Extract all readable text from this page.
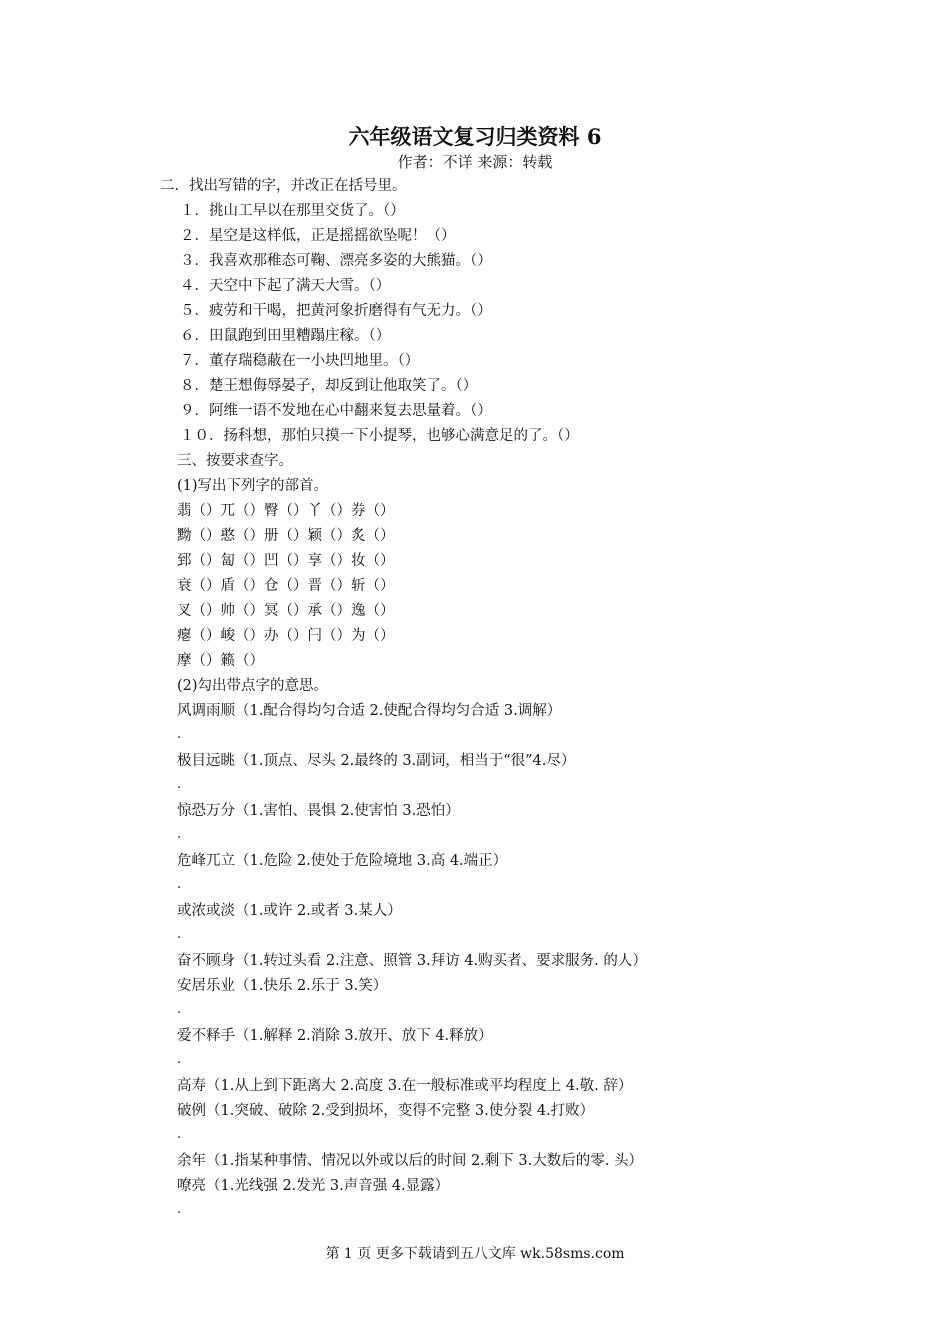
六年级语文复习归类资料 6
作者：不详 来源：转载
二．找出写错的字，并改正在括号里。
１．挑山工早以在那里交货了。（）
２．星空是这样低，正是摇摇欲坠呢！（）
３．我喜欢那稚态可鞠、漂亮多姿的大熊猫。（）
４．天空中下起了满天大雪。（）
５．疲劳和干喝，把黄河象折磨得有气无力。（）
６．田鼠跑到田里糟蹋庄稼。（）
７．董存瑞稳蔽在一小块凹地里。（）
８．楚王想侮辱晏子，却反到让他取笑了。（）
９．阿维一语不发地在心中翻来复去思量着。（）
１０．扬科想，那怕只摸一下小提琴，也够心满意足的了。（）
三、按要求查字。
(1)写出下列字的部首。
翡（）兀（）臀（）丫（）券（）
黝（）憨（）册（）颖（）炙（）
郅（）匐（）凹（）享（）妆（）
衰（）盾（）仓（）晋（）斩（）
叉（）帅（）冥（）承（）逸（）
瘪（）峻（）办（）闩（）为（）
摩（）籁（）
(2)勾出带点字的意思。
风调雨顺（1.配合得均匀合适 2.使配合得均匀合适 3.调解）
.
极目远眺（1.顶点、尽头 2.最终的 3.副词，相当于“很”4.尽）
.
惊恐万分（1.害怕、畏惧 2.使害怕 3.恐怕）
.
危峰兀立（1.危险 2.使处于危险境地 3.高 4.端正）
.
或浓或淡（1.或许 2.或者 3.某人）
.
奋不顾身（1.转过头看 2.注意、照管 3.拜访 4.购买者、要求服务. 的人）
安居乐业（1.快乐 2.乐于 3.笑）
.
爱不释手（1.解释 2.消除 3.放开、放下 4.释放）
.
高寿（1.从上到下距离大 2.高度 3.在一般标准或平均程度上 4.敬. 辞）
破例（1.突破、破除 2.受到损坏，变得不完整 3.使分裂 4.打败）
.
余年（1.指某种事情、情况以外或以后的时间 2.剩下 3.大数后的零. 头）
嘹亮（1.光线强 2.发光 3.声音强 4.显露）
.
第 1 页 更多下载请到五八文库 wk.58sms.com
